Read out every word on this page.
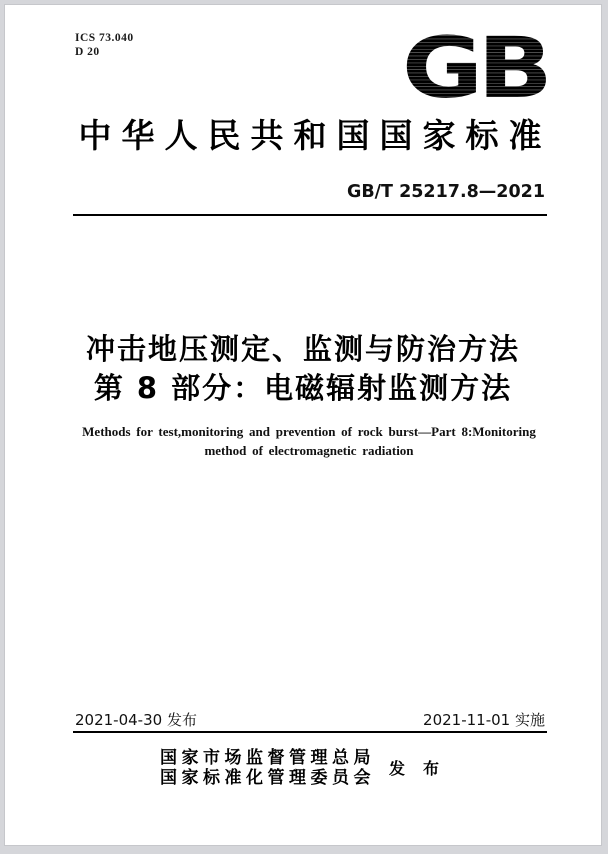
ICS 73.040
D 20	GB
中华人民共和国国家标准
GB/T 25217.8—2021
冲击地压测定、监测与防治方法
第 8 部分：电磁辐射监测方法
Methods for test,monitoring and prevention of rock burst—Part 8:Monitoring
method of electromagnetic radiation
2021-04-30 发布	2021-11-01 实施
国家市场监督管理总局
国家标准化管理委员会 发 布
